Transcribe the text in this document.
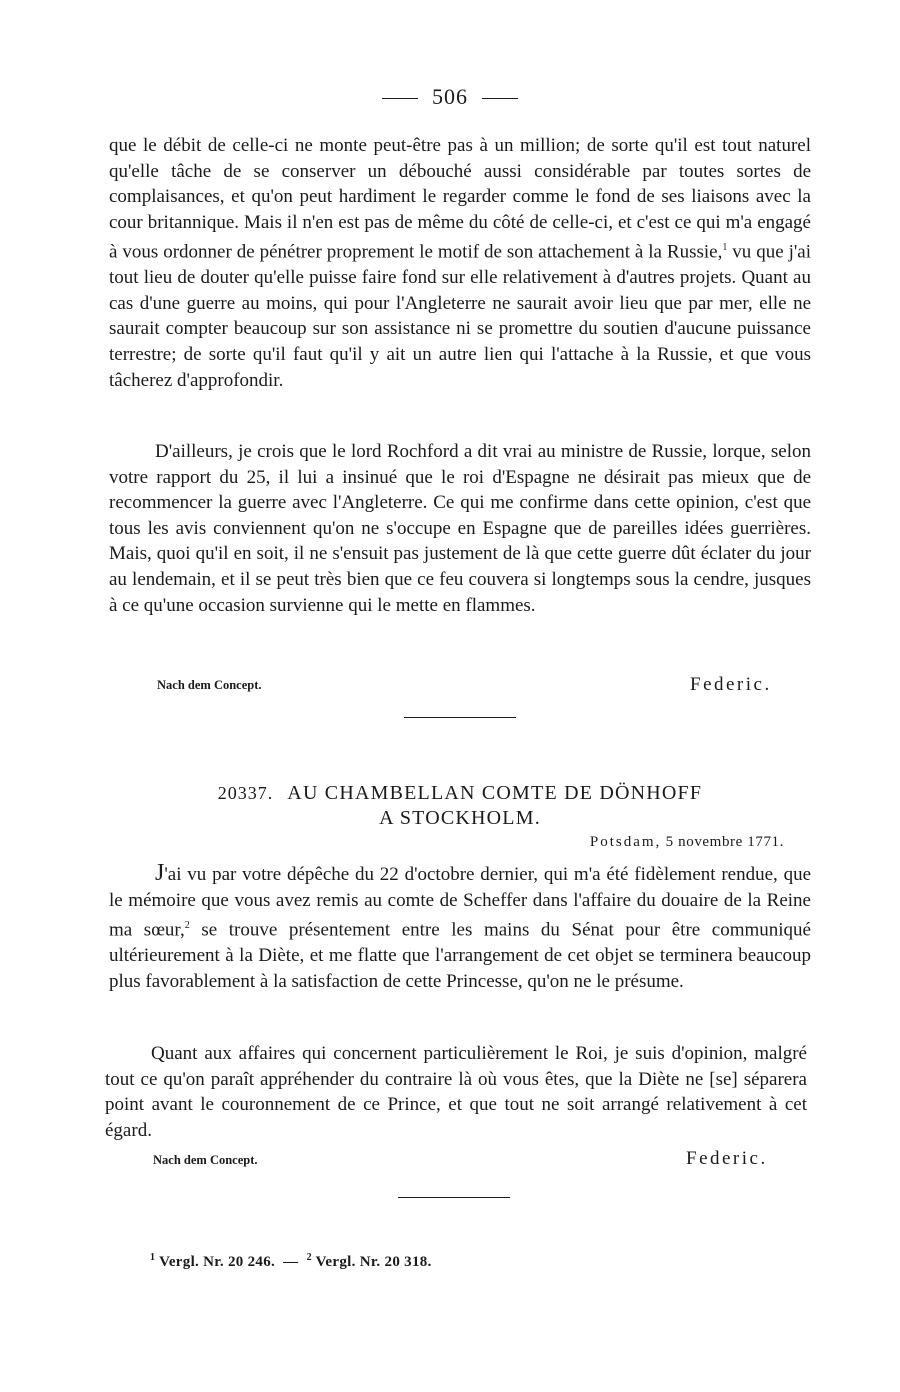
506

que le débit de celle-ci ne monte peut-être pas à un million; de sorte qu'il est tout naturel qu'elle tâche de se conserver un débouché aussi considérable par toutes sortes de complaisances, et qu'on peut hardiment le regarder comme le fond de ses liaisons avec la cour britannique. Mais il n'en est pas de même du côté de celle-ci, et c'est ce qui m'a engagé à vous ordonner de pénétrer proprement le motif de son attachement à la Russie,$^1$ vu que j'ai tout lieu de douter qu'elle puisse faire fond sur elle relativement à d'autres projets. Quant au cas d'une guerre au moins, qui pour l'Angleterre ne saurait avoir lieu que par mer, elle ne saurait compter beaucoup sur son assistance ni se promettre du soutien d'aucune puissance terrestre; de sorte qu'il faut qu'il y ait un autre lien qui l'attache à la Russie, et que vous tâcherez d'approfondir.

D'ailleurs, je crois que le lord Rochford a dit vrai au ministre de Russie, lorque, selon votre rapport du 25, il lui a insinué que le roi d'Espagne ne désirait pas mieux que de recommencer la guerre avec l'Angleterre. Ce qui me confirme dans cette opinion, c'est que tous les avis conviennent qu'on ne s'occupe en Espagne que de pareilles idées guerrières. Mais, quoi qu'il en soit, il ne s'ensuit pas justement de là que cette guerre dût éclater du jour au lendemain, et il se peut très bien que ce feu couvera si longtemps sous la cendre, jusques à ce qu'une occasion survienne qui le mette en flammes.

Nach dem Concept.	Federic.
20337. AU CHAMBELLAN COMTE DE DÖNHOFF
A STOCKHOLM.
Potsdam, 5 novembre 1771.

J'ai vu par votre dépêche du 22 d'octobre dernier, qui m'a été fidèlement rendue, que le mémoire que vous avez remis au comte de Scheffer dans l'affaire du douaire de la Reine ma sœur,$^2$ se trouve présentement entre les mains du Sénat pour être communiqué ultérieurement à la Diète, et me flatte que l'arrangement de cet objet se terminera beaucoup plus favorablement à la satisfaction de cette Princesse, qu'on ne le présume.

Quant aux affaires qui concernent particulièrement le Roi, je suis d'opinion, malgré tout ce qu'on paraît appréhender du contraire là où vous êtes, que la Diète ne [se] séparera point avant le couronnement de ce Prince, et que tout ne soit arrangé relativement à cet égard.

Nach dem Concept.	Federic.
$^1$ Vergl. Nr. 20 246. — $^2$ Vergl. Nr. 20 318.
